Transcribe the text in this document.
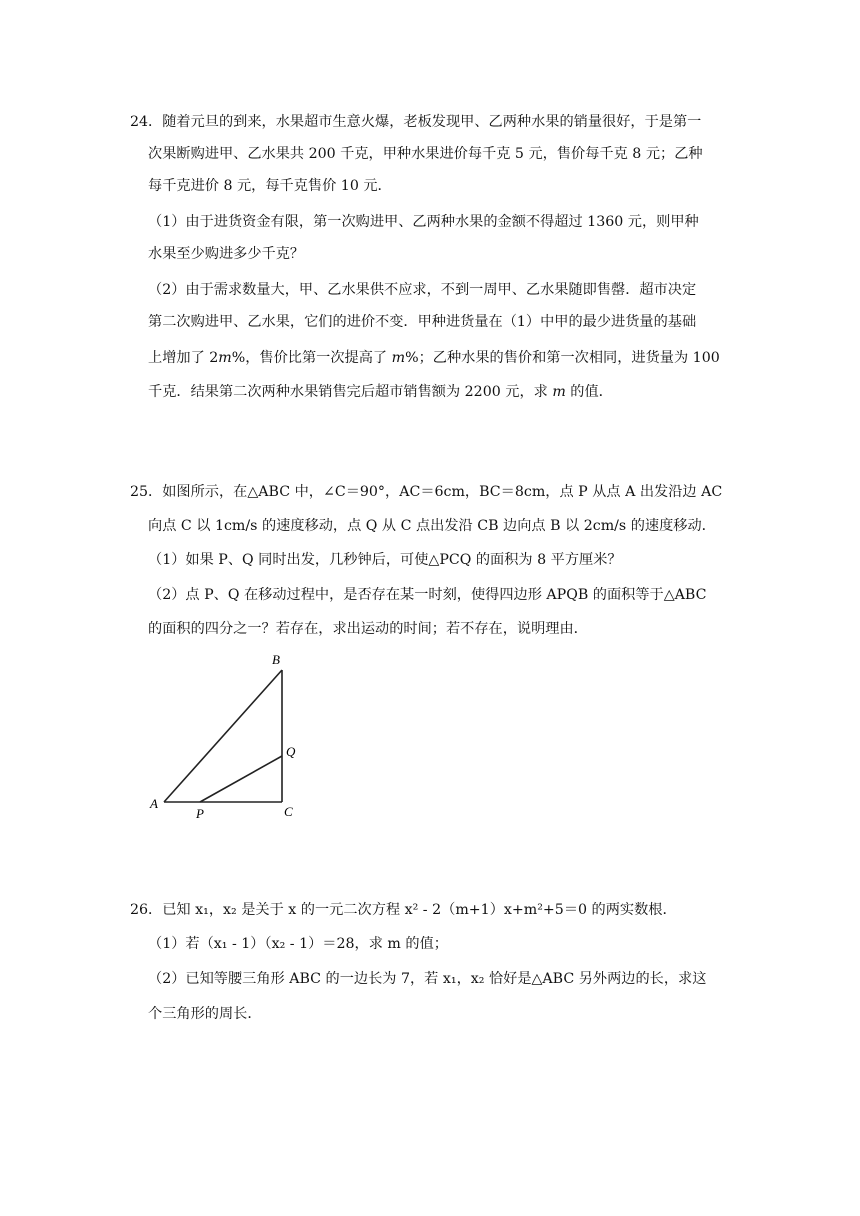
24．随着元旦的到来，水果超市生意火爆，老板发现甲、乙两种水果的销量很好，于是第一
次果断购进甲、乙水果共 200 千克，甲种水果进价每千克 5 元，售价每千克 8 元；乙种
每千克进价 8 元，每千克售价 10 元．
（1）由于进货资金有限，第一次购进甲、乙两种水果的金额不得超过 1360 元，则甲种
水果至少购进多少千克？
（2）由于需求数量大，甲、乙水果供不应求，不到一周甲、乙水果随即售罄．超市决定
第二次购进甲、乙水果，它们的进价不变．甲种进货量在（1）中甲的最少进货量的基础
上增加了 2m%，售价比第一次提高了 m%；乙种水果的售价和第一次相同，进货量为 100
千克．结果第二次两种水果销售完后超市销售额为 2200 元，求 m 的值．
25．如图所示，在△ABC 中，∠C＝90°，AC＝6cm，BC＝8cm，点 P 从点 A 出发沿边 AC
向点 C 以 1cm/s 的速度移动，点 Q 从 C 点出发沿 CB 边向点 B 以 2cm/s 的速度移动．
（1）如果 P、Q 同时出发，几秒钟后，可使△PCQ 的面积为 8 平方厘米？
（2）点 P、Q 在移动过程中，是否存在某一时刻，使得四边形 APQB 的面积等于△ABC
的面积的四分之一？若存在，求出运动的时间；若不存在，说明理由．
B
Q
A
P	C
26．已知 x₁，x₂ 是关于 x 的一元二次方程 x² - 2（m+1）x+m²+5＝0 的两实数根．
（1）若（x₁ - 1）（x₂ - 1）＝28，求 m 的值；
（2）已知等腰三角形 ABC 的一边长为 7，若 x₁，x₂ 恰好是△ABC 另外两边的长，求这
个三角形的周长．
